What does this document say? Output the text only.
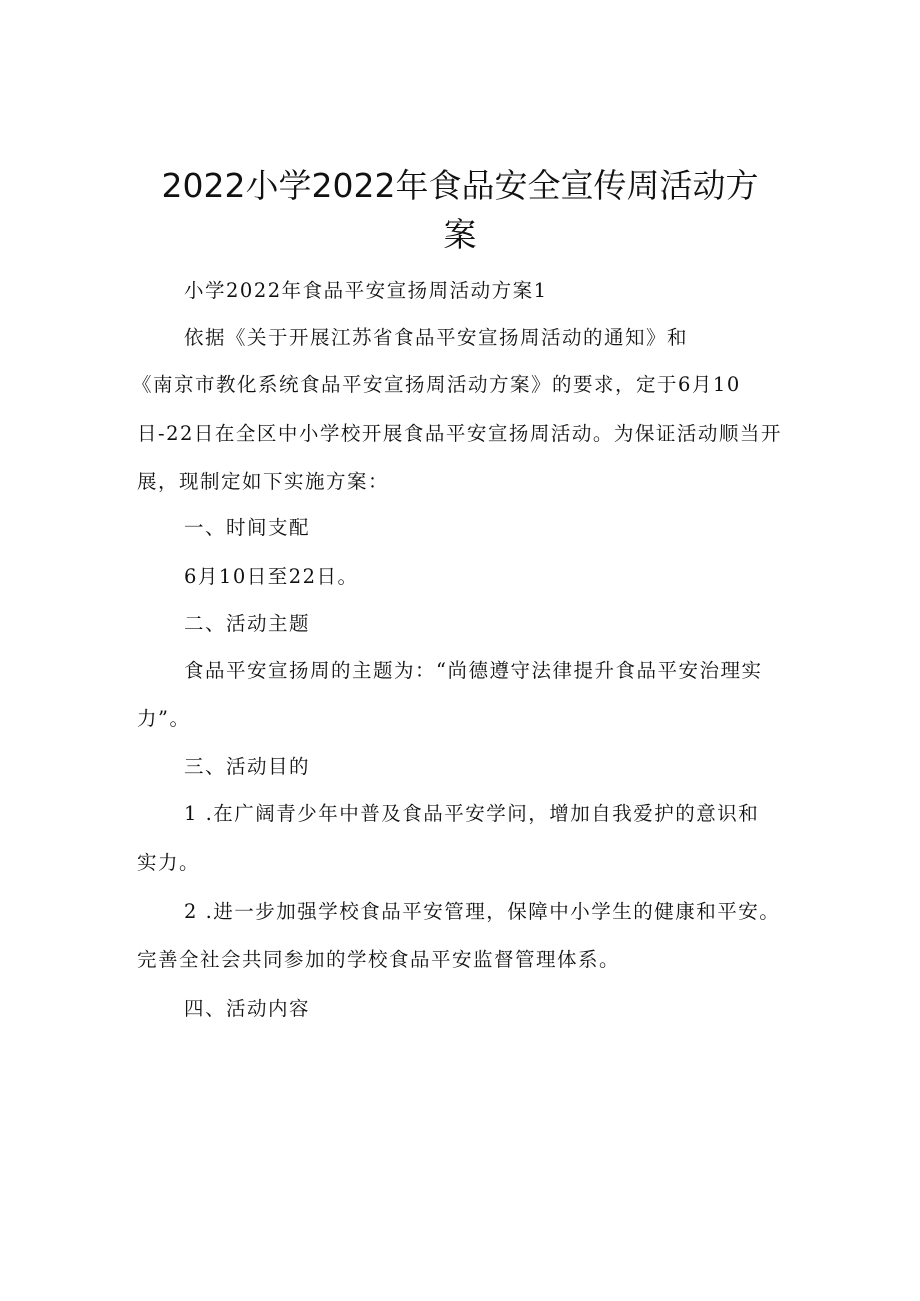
2022小学2022年食品安全宣传周活动方
案

小学2022年食品平安宣扬周活动方案1

依据《关于开展江苏省食品平安宣扬周活动的通知》和

《南京市教化系统食品平安宣扬周活动方案》的要求，定于6月10

日-22日在全区中小学校开展食品平安宣扬周活动。为保证活动顺当开

展，现制定如下实施方案：

一、时间支配

6月10日至22日。

二、活动主题

食品平安宣扬周的主题为：“尚德遵守法律提升食品平安治理实

力”。

三、活动目的

1 .在广阔青少年中普及食品平安学问，增加自我爱护的意识和

实力。

2 .进一步加强学校食品平安管理，保障中小学生的健康和平安。

完善全社会共同参加的学校食品平安监督管理体系。

四、活动内容
